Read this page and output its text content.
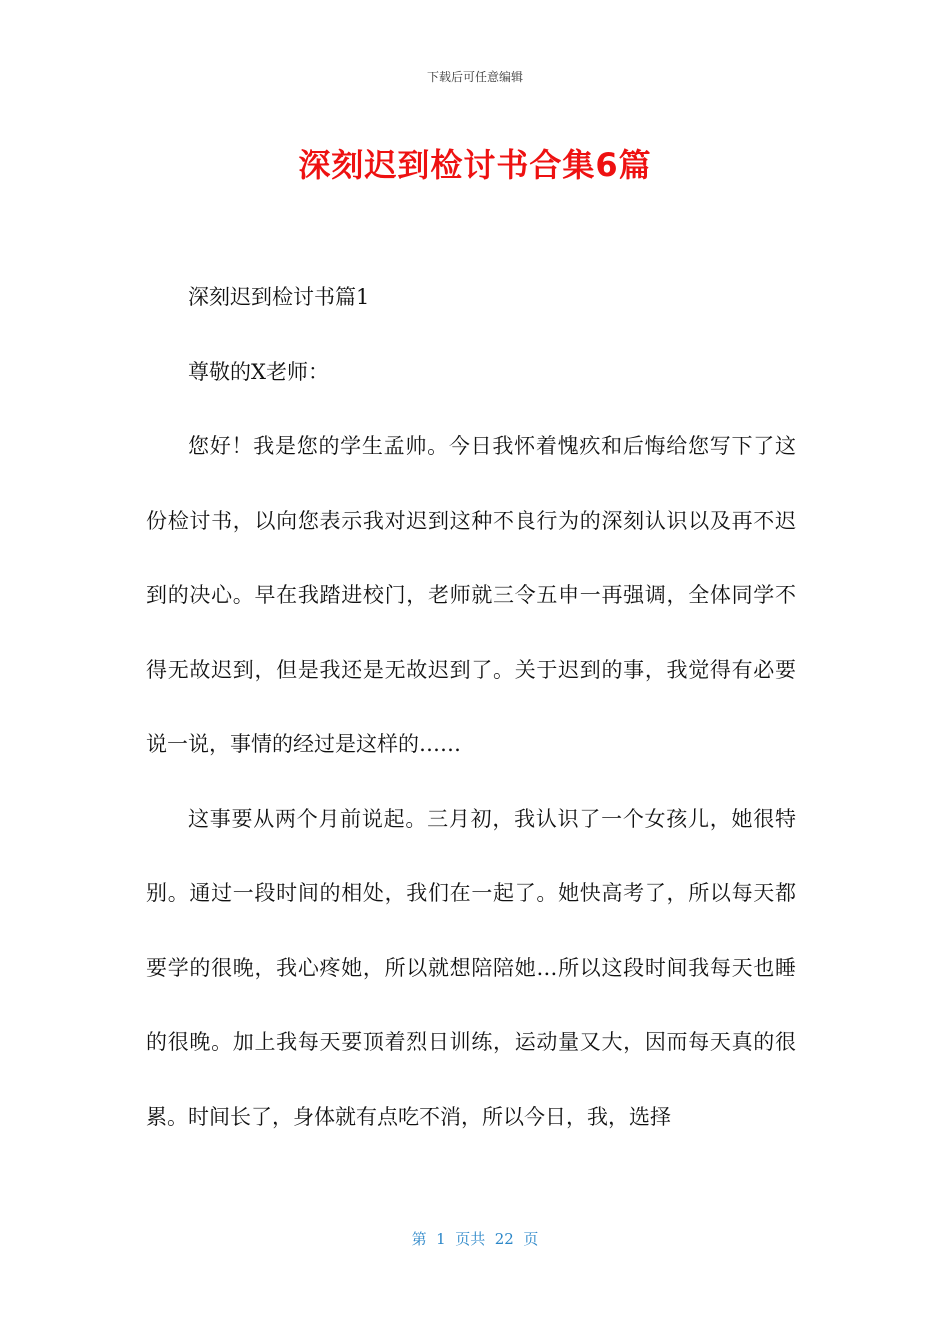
下载后可任意编辑
深刻迟到检讨书合集6篇

深刻迟到检讨书篇1

尊敬的X老师：

您好！我是您的学生孟帅。今日我怀着愧疚和后悔给您写下了这份检讨书，以向您表示我对迟到这种不良行为的深刻认识以及再不迟到的决心。早在我踏进校门，老师就三令五申一再强调，全体同学不得无故迟到，但是我还是无故迟到了。关于迟到的事，我觉得有必要说一说，事情的经过是这样的……

这事要从两个月前说起。三月初，我认识了一个女孩儿，她很特别。通过一段时间的相处，我们在一起了。她快高考了，所以每天都要学的很晚，我心疼她，所以就想陪陪她…所以这段时间我每天也睡的很晚。加上我每天要顶着烈日训练，运动量又大，因而每天真的很累。时间长了，身体就有点吃不消，所以今日，我，选择

第  1  页共  22  页
